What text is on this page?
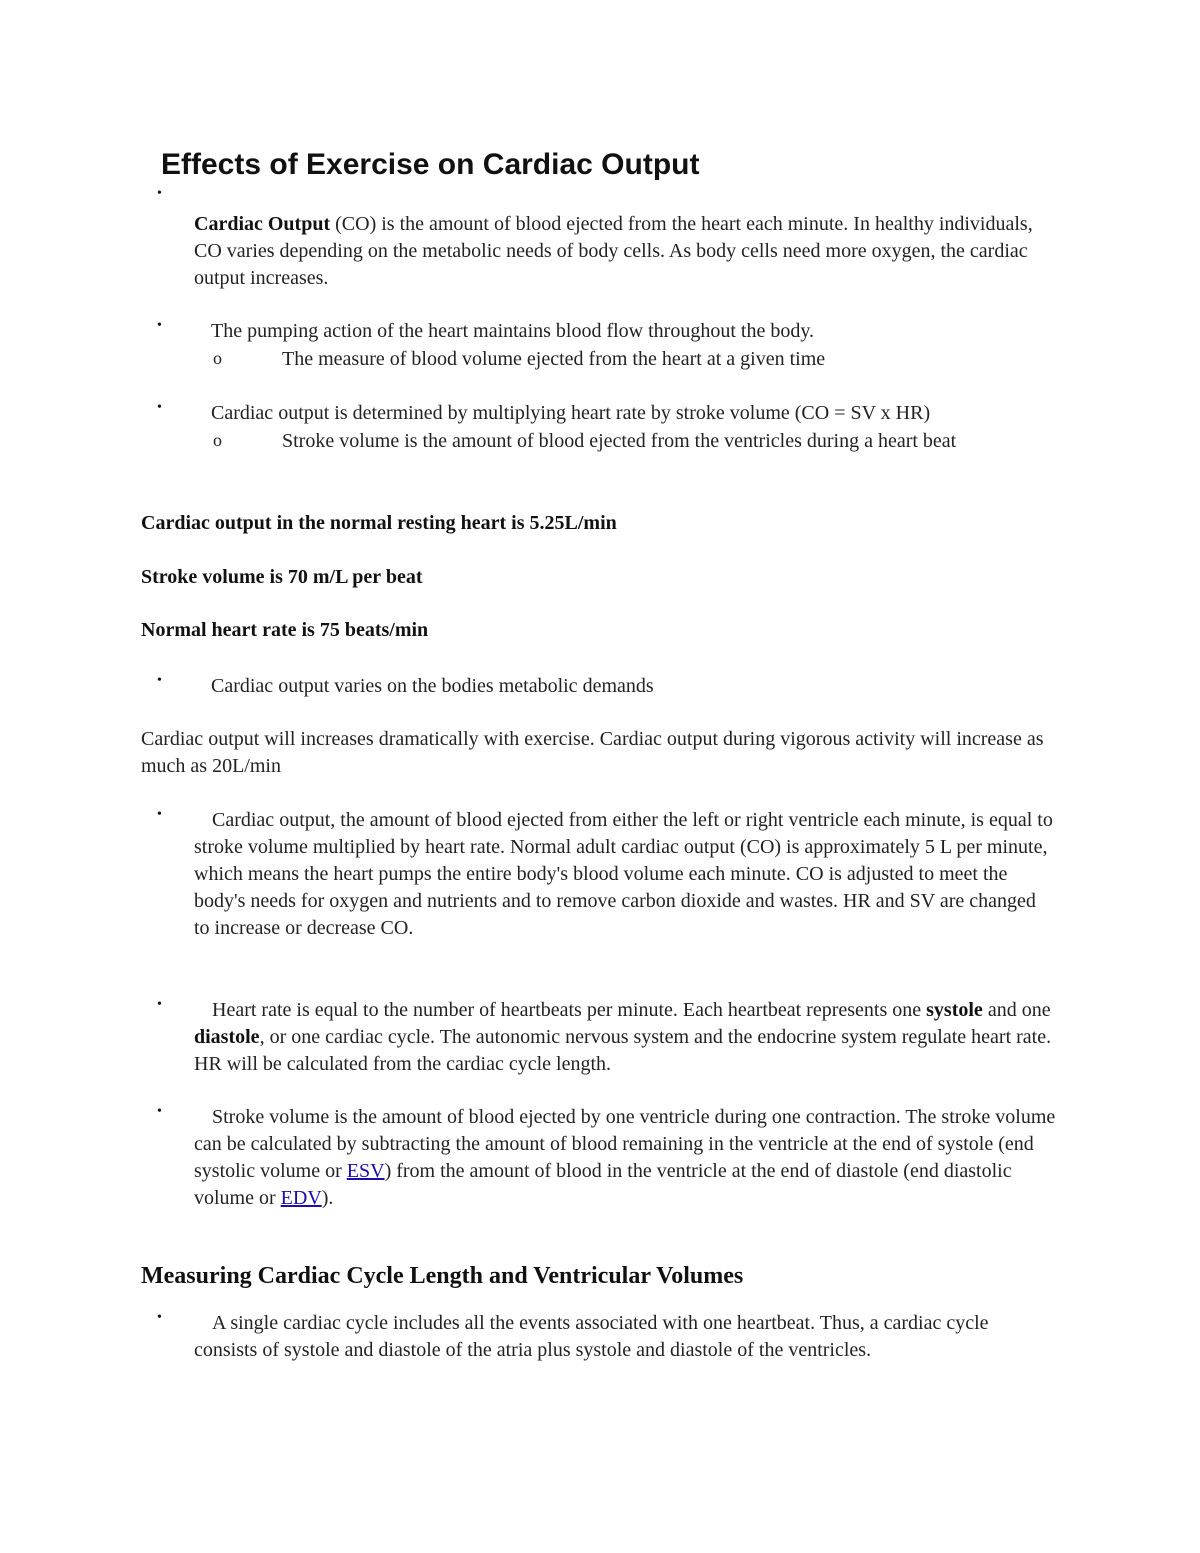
Effects of Exercise on Cardiac Output
•

Cardiac Output (CO) is the amount of blood ejected from the heart each minute. In healthy individuals, CO varies depending on the metabolic needs of body cells. As body cells need more oxygen, the cardiac output increases.

• The pumping action of the heart maintains blood flow throughout the body.

o	The measure of blood volume ejected from the heart at a given time

• Cardiac output is determined by multiplying heart rate by stroke volume (CO = SV x HR)

o	Stroke volume is the amount of blood ejected from the ventricles during a heart beat

Cardiac output in the normal resting heart is 5.25L/min

Stroke volume is 70 m/L per beat

Normal heart rate is 75 beats/min

• Cardiac output varies on the bodies metabolic demands

Cardiac output will increases dramatically with exercise. Cardiac output during vigorous activity will increase as much as 20L/min

•	Cardiac output, the amount of blood ejected from either the left or right ventricle each minute, is equal to stroke volume multiplied by heart rate. Normal adult cardiac output (CO) is approximately 5 L per minute, which means the heart pumps the entire body's blood volume each minute. CO is adjusted to meet the body's needs for oxygen and nutrients and to remove carbon dioxide and wastes. HR and SV are changed to increase or decrease CO.

•	Heart rate is equal to the number of heartbeats per minute. Each heartbeat represents one systole and one diastole, or one cardiac cycle. The autonomic nervous system and the endocrine system regulate heart rate. HR will be calculated from the cardiac cycle length.

•	Stroke volume is the amount of blood ejected by one ventricle during one contraction. The stroke volume can be calculated by subtracting the amount of blood remaining in the ventricle at the end of systole (end systolic volume or ESV) from the amount of blood in the ventricle at the end of diastole (end diastolic volume or EDV).

Measuring Cardiac Cycle Length and Ventricular Volumes
•	A single cardiac cycle includes all the events associated with one heartbeat. Thus, a cardiac cycle consists of systole and diastole of the atria plus systole and diastole of the ventricles.
